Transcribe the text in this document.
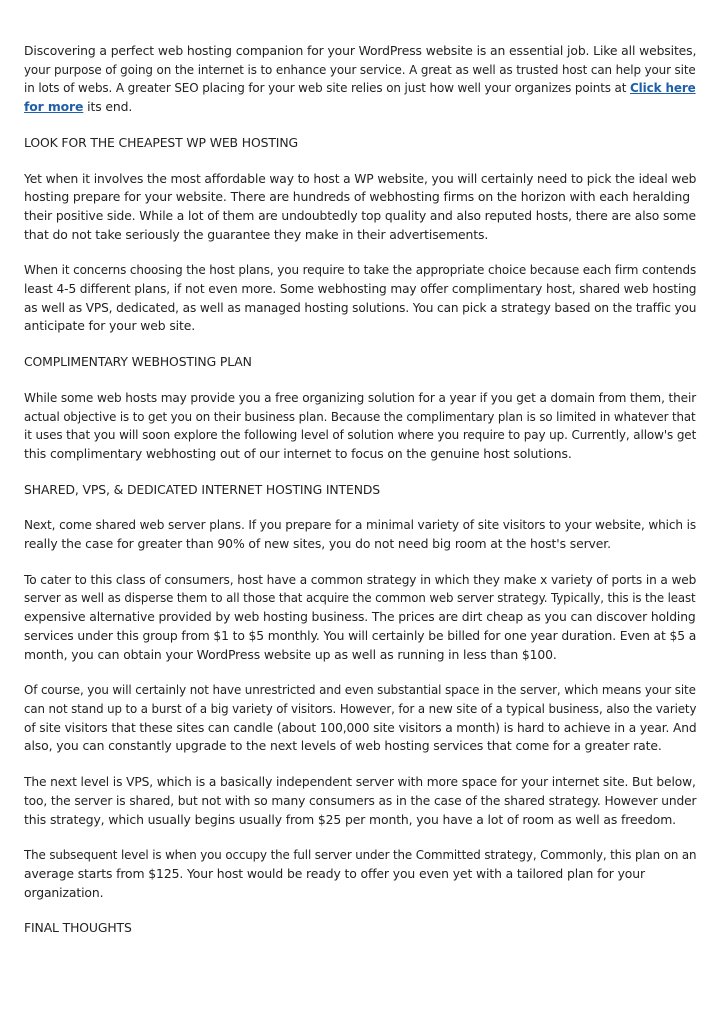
Discovering a perfect web hosting companion for your WordPress website is an essential job. Like all websites,
your purpose of going on the internet is to enhance your service. A great as well as trusted host can help your site
in lots of webs. A greater SEO placing for your web site relies on just how well your organizes points at Click here
for more its end.

LOOK FOR THE CHEAPEST WP WEB HOSTING

Yet when it involves the most affordable way to host a WP website, you will certainly need to pick the ideal web
hosting prepare for your website. There are hundreds of webhosting firms on the horizon with each heralding
their positive side. While a lot of them are undoubtedly top quality and also reputed hosts, there are also some
that do not take seriously the guarantee they make in their advertisements.

When it concerns choosing the host plans, you require to take the appropriate choice because each firm contends
least 4-5 different plans, if not even more. Some webhosting may offer complimentary host, shared web hosting
as well as VPS, dedicated, as well as managed hosting solutions. You can pick a strategy based on the traffic you
anticipate for your web site.

COMPLIMENTARY WEBHOSTING PLAN

While some web hosts may provide you a free organizing solution for a year if you get a domain from them, their
actual objective is to get you on their business plan. Because the complimentary plan is so limited in whatever that
it uses that you will soon explore the following level of solution where you require to pay up. Currently, allow's get
this complimentary webhosting out of our internet to focus on the genuine host solutions.

SHARED, VPS, & DEDICATED INTERNET HOSTING INTENDS

Next, come shared web server plans. If you prepare for a minimal variety of site visitors to your website, which is
really the case for greater than 90% of new sites, you do not need big room at the host's server.

To cater to this class of consumers, host have a common strategy in which they make x variety of ports in a web
server as well as disperse them to all those that acquire the common web server strategy. Typically, this is the least
expensive alternative provided by web hosting business. The prices are dirt cheap as you can discover holding
services under this group from $1 to $5 monthly. You will certainly be billed for one year duration. Even at $5 a
month, you can obtain your WordPress website up as well as running in less than $100.

Of course, you will certainly not have unrestricted and even substantial space in the server, which means your site
can not stand up to a burst of a big variety of visitors. However, for a new site of a typical business, also the variety
of site visitors that these sites can candle (about 100,000 site visitors a month) is hard to achieve in a year. And
also, you can constantly upgrade to the next levels of web hosting services that come for a greater rate.

The next level is VPS, which is a basically independent server with more space for your internet site. But below,
too, the server is shared, but not with so many consumers as in the case of the shared strategy. However under
this strategy, which usually begins usually from $25 per month, you have a lot of room as well as freedom.

The subsequent level is when you occupy the full server under the Committed strategy, Commonly, this plan on an
average starts from $125. Your host would be ready to offer you even yet with a tailored plan for your
organization.

FINAL THOUGHTS
